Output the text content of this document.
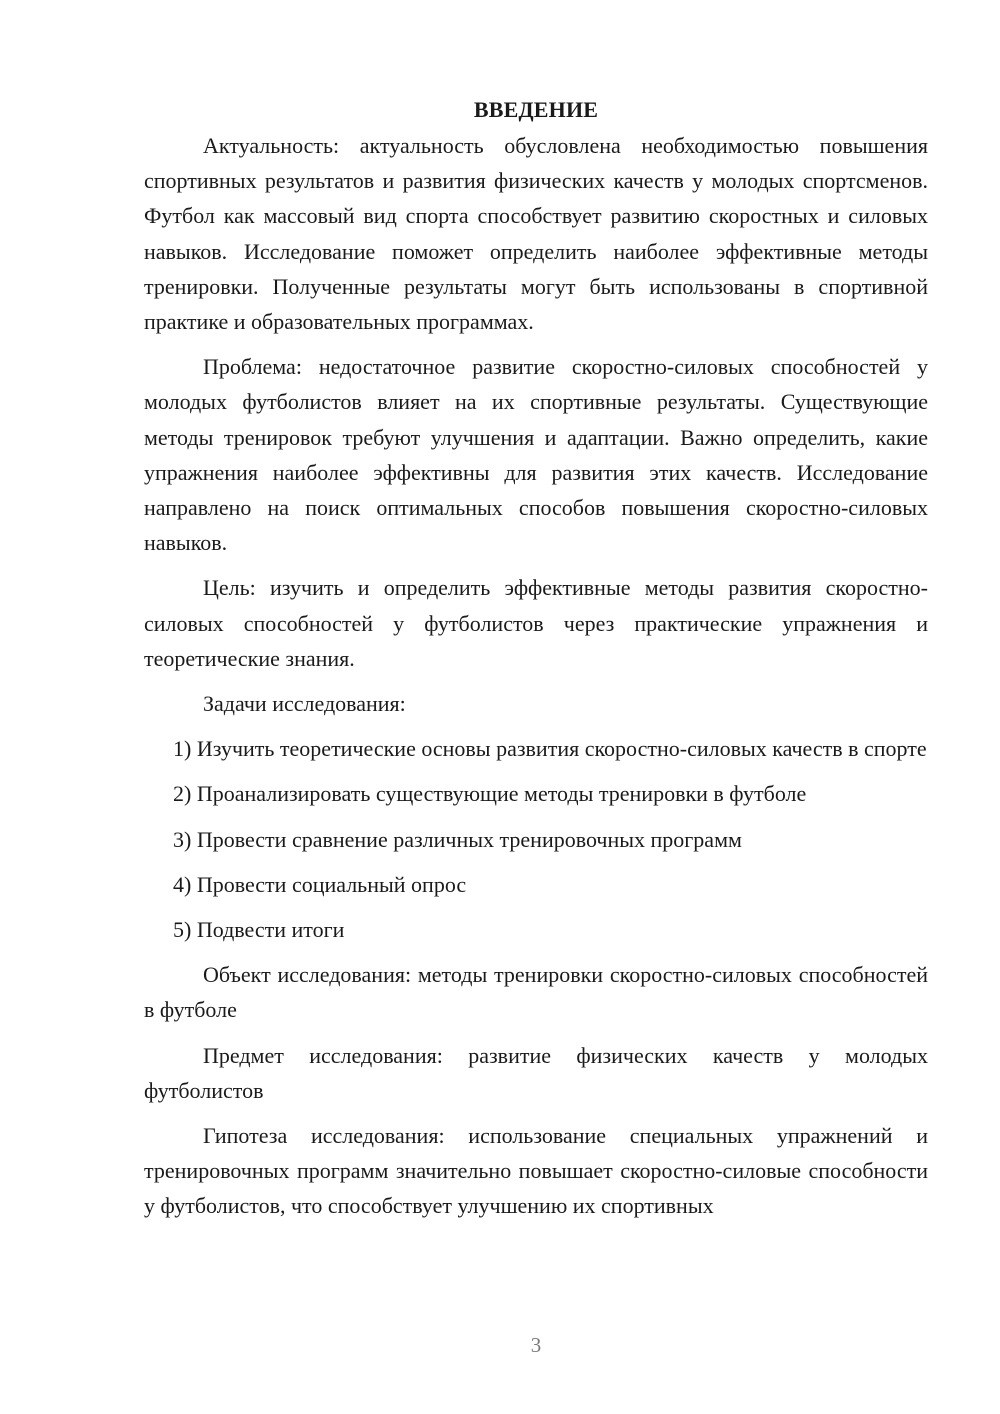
ВВЕДЕНИЕ

Актуальность: актуальность обусловлена необходимостью повышения спортивных результатов и развития физических качеств у молодых спортсменов. Футбол как массовый вид спорта способствует развитию скоростных и силовых навыков. Исследование поможет определить наиболее эффективные методы тренировки. Полученные результаты могут быть использованы в спортивной практике и образовательных программах.

Проблема: недостаточное развитие скоростно-силовых способностей у молодых футболистов влияет на их спортивные результаты. Существующие методы тренировок требуют улучшения и адаптации. Важно определить, какие упражнения наиболее эффективны для развития этих качеств. Исследование направлено на поиск оптимальных способов повышения скоростно-силовых навыков.

Цель: изучить и определить эффективные методы развития скоростно-силовых способностей у футболистов через практические упражнения и теоретические знания.

Задачи исследования:

1) Изучить теоретические основы развития скоростно-силовых качеств в спорте

2) Проанализировать существующие методы тренировки в футболе

3) Провести сравнение различных тренировочных программ

4) Провести социальный опрос

5) Подвести итоги

Объект исследования: методы тренировки скоростно-силовых способностей в футболе

Предмет исследования: развитие физических качеств у молодых футболистов

Гипотеза исследования: использование специальных упражнений и тренировочных программ значительно повышает скоростно-силовые способности у футболистов, что способствует улучшению их спортивных

3
